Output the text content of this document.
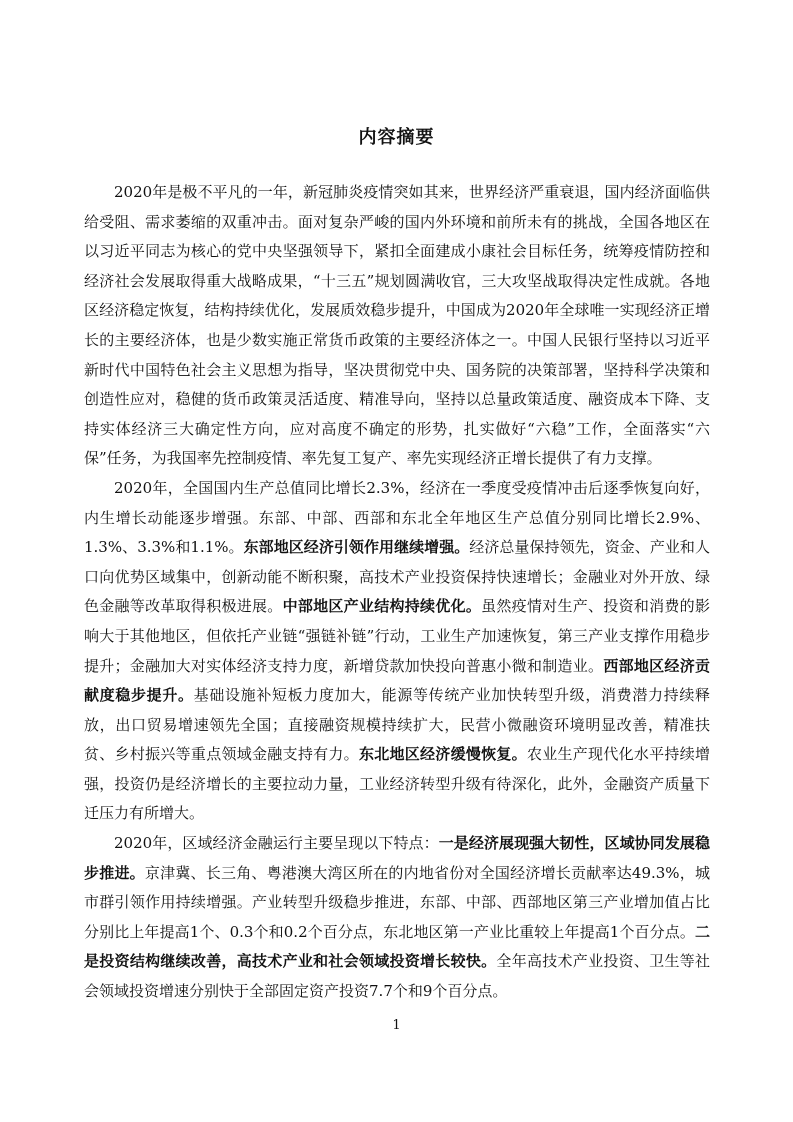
内容摘要

2020年是极不平凡的一年，新冠肺炎疫情突如其来，世界经济严重衰退，国内经济面临供给受阻、需求萎缩的双重冲击。面对复杂严峻的国内外环境和前所未有的挑战，全国各地区在以习近平同志为核心的党中央坚强领导下，紧扣全面建成小康社会目标任务，统筹疫情防控和经济社会发展取得重大战略成果，“十三五”规划圆满收官，三大攻坚战取得决定性成就。各地区经济稳定恢复，结构持续优化，发展质效稳步提升，中国成为2020年全球唯一实现经济正增长的主要经济体，也是少数实施正常货币政策的主要经济体之一。中国人民银行坚持以习近平新时代中国特色社会主义思想为指导，坚决贯彻党中央、国务院的决策部署，坚持科学决策和创造性应对，稳健的货币政策灵活适度、精准导向，坚持以总量政策适度、融资成本下降、支持实体经济三大确定性方向，应对高度不确定的形势，扎实做好“六稳”工作，全面落实“六保”任务，为我国率先控制疫情、率先复工复产、率先实现经济正增长提供了有力支撑。

2020年，全国国内生产总值同比增长2.3%，经济在一季度受疫情冲击后逐季恢复向好，内生增长动能逐步增强。东部、中部、西部和东北全年地区生产总值分别同比增长2.9%、1.3%、3.3%和1.1%。东部地区经济引领作用继续增强。经济总量保持领先，资金、产业和人口向优势区域集中，创新动能不断积聚，高技术产业投资保持快速增长；金融业对外开放、绿色金融等改革取得积极进展。中部地区产业结构持续优化。虽然疫情对生产、投资和消费的影响大于其他地区，但依托产业链“强链补链”行动，工业生产加速恢复，第三产业支撑作用稳步提升；金融加大对实体经济支持力度，新增贷款加快投向普惠小微和制造业。西部地区经济贡献度稳步提升。基础设施补短板力度加大，能源等传统产业加快转型升级，消费潜力持续释放，出口贸易增速领先全国；直接融资规模持续扩大，民营小微融资环境明显改善，精准扶贫、乡村振兴等重点领域金融支持有力。东北地区经济缓慢恢复。农业生产现代化水平持续增强，投资仍是经济增长的主要拉动力量，工业经济转型升级有待深化，此外，金融资产质量下迁压力有所增大。

2020年，区域经济金融运行主要呈现以下特点：一是经济展现强大韧性，区域协同发展稳步推进。京津冀、长三角、粤港澳大湾区所在的内地省份对全国经济增长贡献率达49.3%，城市群引领作用持续增强。产业转型升级稳步推进，东部、中部、西部地区第三产业增加值占比分别比上年提高1个、0.3个和0.2个百分点，东北地区第一产业比重较上年提高1个百分点。二是投资结构继续改善，高技术产业和社会领域投资增长较快。全年高技术产业投资、卫生等社会领域投资增速分别快于全部固定资产投资7.7个和9个百分点。

1
